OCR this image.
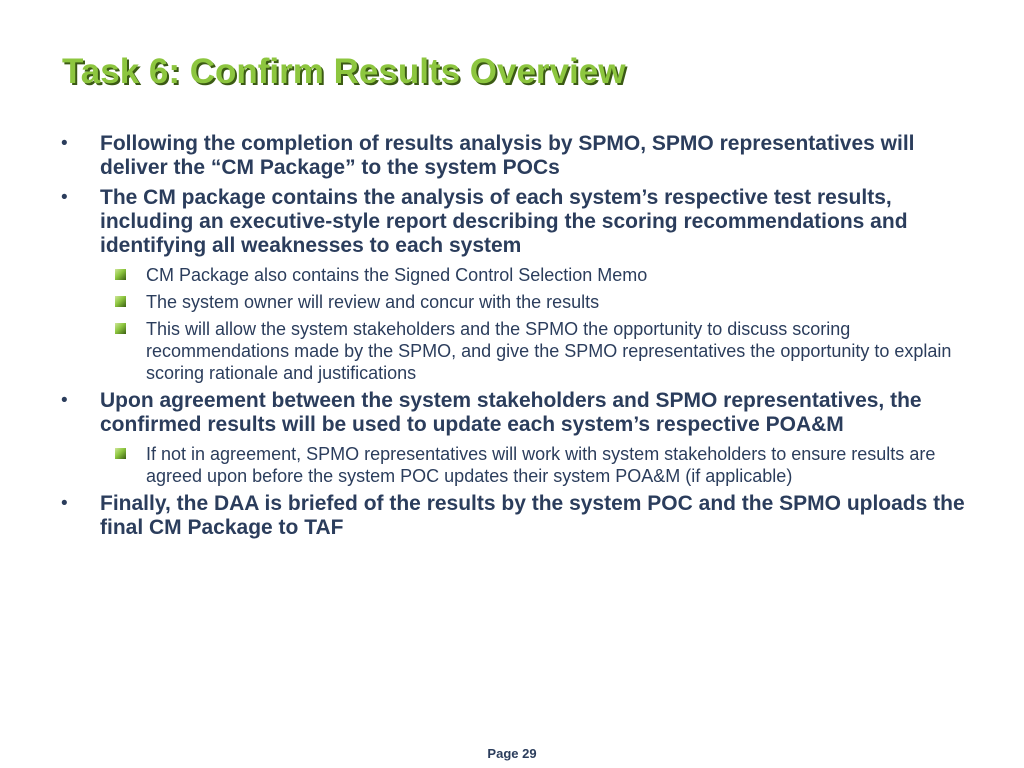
Task 6: Confirm Results Overview
• Following the completion of results analysis by SPMO, SPMO representatives will deliver the “CM Package” to the system POCs
• The CM package contains the analysis of each system’s respective test results, including an executive-style report describing the scoring recommendations and identifying all weaknesses to each system
CM Package also contains the Signed Control Selection Memo
The system owner will review and concur with the results
This will allow the system stakeholders and the SPMO the opportunity to discuss scoring recommendations made by the SPMO, and give the SPMO representatives the opportunity to explain scoring rationale and justifications
• Upon agreement between the system stakeholders and SPMO representatives, the confirmed results will be used to update each system’s respective POA&M
If not in agreement, SPMO representatives will work with system stakeholders to ensure results are agreed upon before the system POC updates their system POA&M (if applicable)
• Finally, the DAA is briefed of the results by the system POC and the SPMO uploads the final CM Package to TAF
Page 29
